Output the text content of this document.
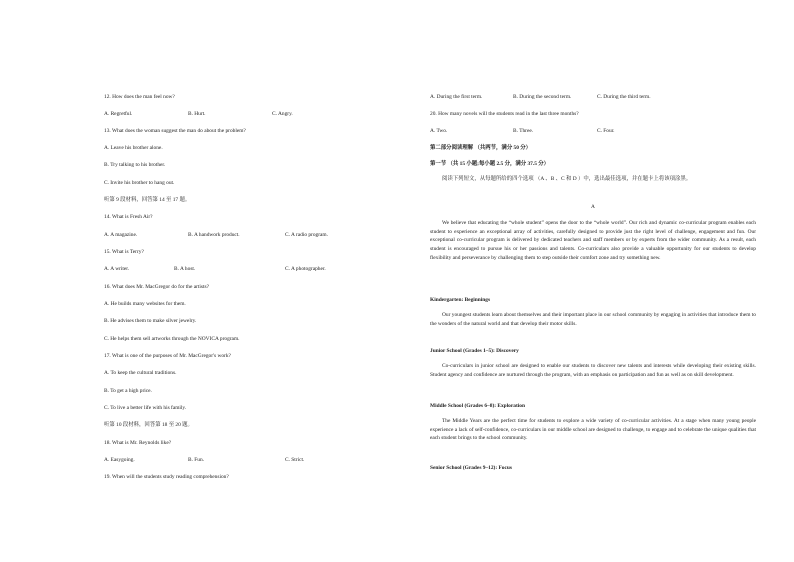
12. How does the man feel now?
A. Regretful.	B. Hurt.	C. Angry.
13. What does the woman suggest the man do about the problem?
A. Leave his brother alone.
B. Try talking to his brother.
C. Invite his brother to hang out.
听第 9 段材料，回答第 14 至 17 题。
14. What is Fresh Air?
A. A magazine.	B. A handwork product.	C. A radio program.
15. What is Terry?
A. A writer.	B. A host.	C. A photographer.
16. What does Mr. MacGregor do for the artists?
A. He builds many websites for them.
B. He advises them to make silver jewelry.
C. He helps them sell artworks through the NOVICA program.
17. What is one of the purposes of Mr. MacGregor's work?
A. To keep the cultural traditions.
B. To get a high price.
C. To live a better life with his family.
听第 10 段材料，回答第 18 至 20 题。
18. What is Mr. Reynolds like?
A. Easygoing.	B. Fun.	C. Strict.
19. When will the students study reading comprehension?
A. During the first term.	B. During the second term.	C. During the third term.
20. How many novels will the students read in the last three months?
A. Two.	B. Three.	C. Four.
第二部分阅读理解 （共两节，满分 50 分）
第一节 （共 15 小题;每小题 2.5 分，满分 37.5 分）
阅读下列短文，从每题所给的四个选项 （A 、B 、C 和 D ）中，选出最佳选项，并在题卡上将该项涂黑。
A
We believe that educating the “whole student” opens the door to the “whole world”. Our rich and dynamic co-curricular program enables each student to experience an exceptional array of activities, carefully designed to provide just the right level of challenge, engagement and fun. Our exceptional co-curricular program is delivered by dedicated teachers and staff members or by experts from the wider community. As a result, each student is encouraged to pursue his or her passions and talents. Co-curriculars also provide a valuable opportunity for our students to develop flexibility and perseverance by challenging them to step outside their comfort zone and try something new.
Kindergarten: Beginnings
Our youngest students learn about themselves and their important place in our school community by engaging in activities that introduce them to the wonders of the natural world and that develop their motor skills.
Junior School (Grades 1–5): Discovery
Co-curriculars in junior school are designed to enable our students to discover new talents and interests while developing their existing skills. Student agency and confidence are nurtured through the program, with an emphasis on participation and fun as well as on skill development.
Middle School (Grades 6–8): Exploration
The Middle Years are the perfect time for students to explore a wide variety of co-curricular activities. At a stage when many young people experience a lack of self-confidence, co-curriculars in our middle school are designed to challenge, to engage and to celebrate the unique qualities that each student brings to the school community.
Senior School (Grades 9–12): Focus
